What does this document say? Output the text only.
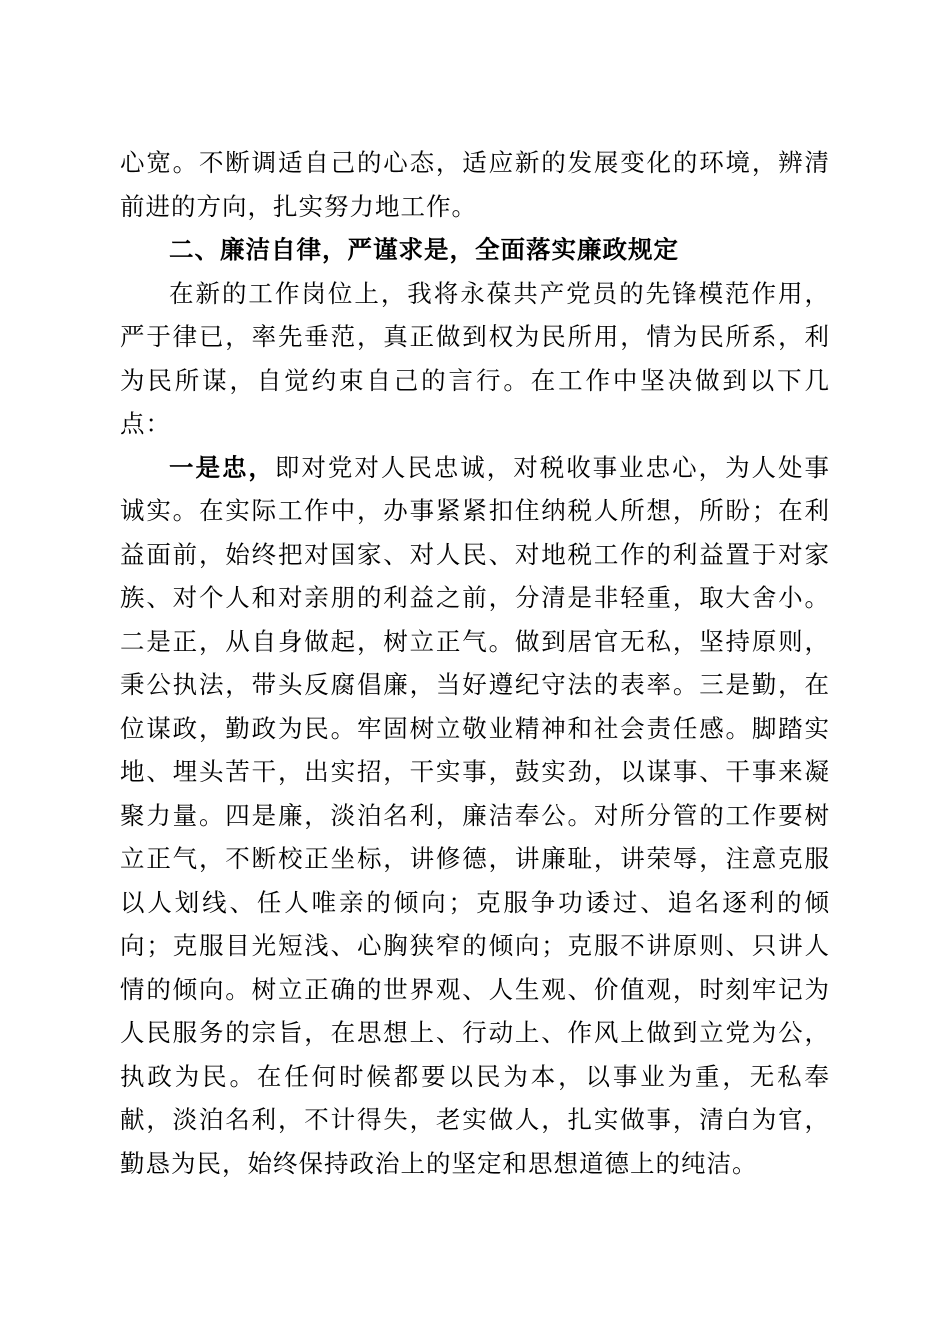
心宽。不断调适自己的心态，适应新的发展变化的环境，辨清前进的方向，扎实努力地工作。

二、廉洁自律，严谨求是，全面落实廉政规定

在新的工作岗位上，我将永葆共产党员的先锋模范作用，严于律已，率先垂范，真正做到权为民所用，情为民所系，利为民所谋，自觉约束自己的言行。在工作中坚决做到以下几点：

一是忠，即对党对人民忠诚，对税收事业忠心，为人处事诚实。在实际工作中，办事紧紧扣住纳税人所想，所盼；在利益面前，始终把对国家、对人民、对地税工作的利益置于对家族、对个人和对亲朋的利益之前，分清是非轻重，取大舍小。二是正，从自身做起，树立正气。做到居官无私，坚持原则，秉公执法，带头反腐倡廉，当好遵纪守法的表率。三是勤，在位谋政，勤政为民。牢固树立敬业精神和社会责任感。脚踏实地、埋头苦干，出实招，干实事，鼓实劲，以谋事、干事来凝聚力量。四是廉，淡泊名利，廉洁奉公。对所分管的工作要树立正气，不断校正坐标，讲修德，讲廉耻，讲荣辱，注意克服以人划线、任人唯亲的倾向；克服争功诿过、追名逐利的倾向；克服目光短浅、心胸狭窄的倾向；克服不讲原则、只讲人情的倾向。树立正确的世界观、人生观、价值观，时刻牢记为人民服务的宗旨，在思想上、行动上、作风上做到立党为公，执政为民。在任何时候都要以民为本，以事业为重，无私奉献，淡泊名利，不计得失，老实做人，扎实做事，清白为官，勤恳为民，始终保持政治上的坚定和思想道德上的纯洁。
